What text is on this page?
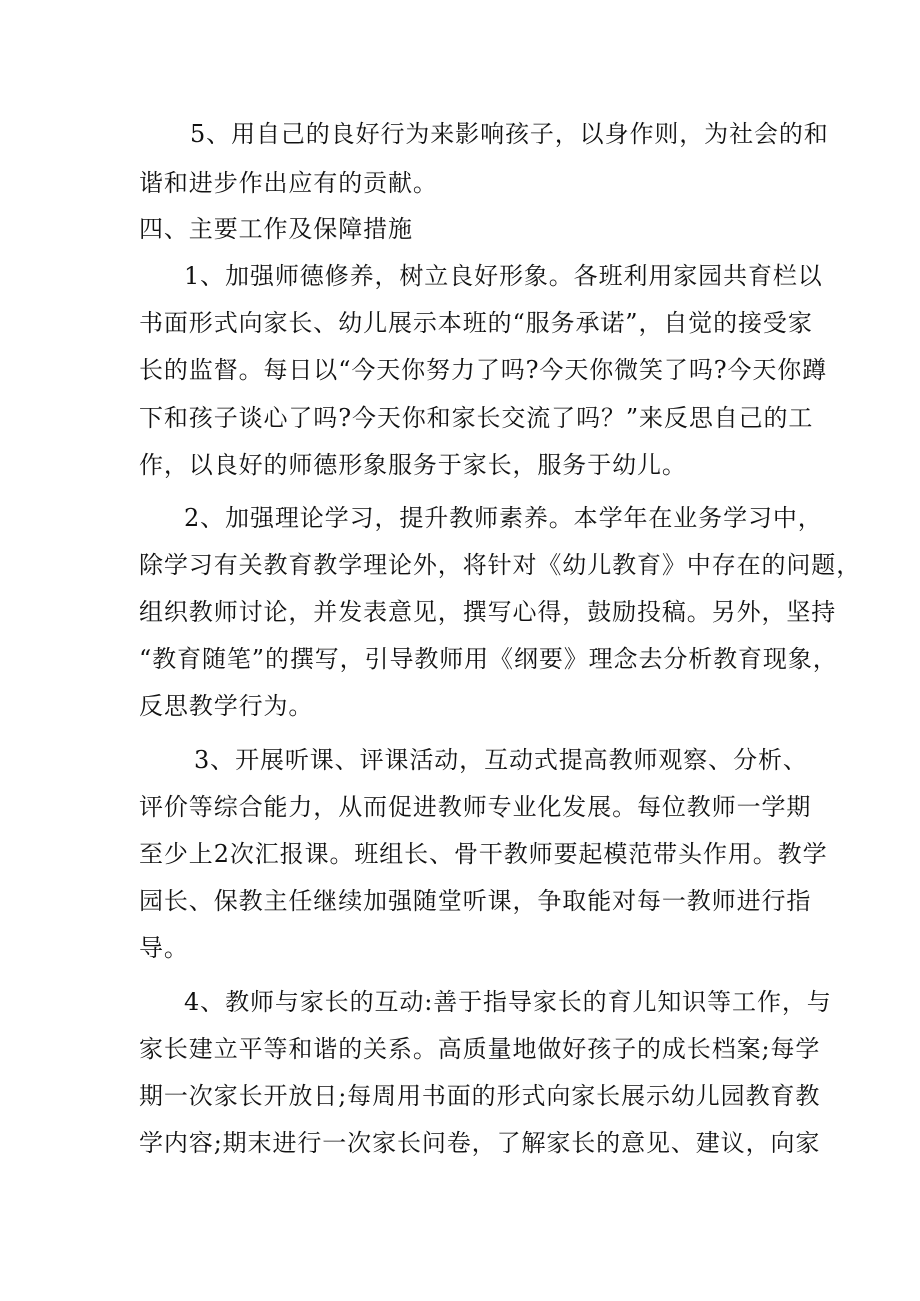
5、用自己的良好行为来影响孩子，以身作则，为社会的和
谐和进步作出应有的贡献。
四、主要工作及保障措施
1、加强师德修养，树立良好形象。各班利用家园共育栏以
书面形式向家长、幼儿展示本班的“服务承诺”，自觉的接受家
长的监督。每日以“今天你努力了吗?今天你微笑了吗?今天你蹲
下和孩子谈心了吗?今天你和家长交流了吗？”来反思自己的工
作，以良好的师德形象服务于家长，服务于幼儿。
2、加强理论学习，提升教师素养。本学年在业务学习中，
除学习有关教育教学理论外，将针对《幼儿教育》中存在的问题，
组织教师讨论，并发表意见，撰写心得，鼓励投稿。另外，坚持
“教育随笔”的撰写，引导教师用《纲要》理念去分析教育现象，
反思教学行为。
3、开展听课、评课活动，互动式提高教师观察、分析、
评价等综合能力，从而促进教师专业化发展。每位教师一学期
至少上2次汇报课。班组长、骨干教师要起模范带头作用。教学
园长、保教主任继续加强随堂听课，争取能对每一教师进行指
导。
4、教师与家长的互动:善于指导家长的育儿知识等工作，与
家长建立平等和谐的关系。高质量地做好孩子的成长档案;每学
期一次家长开放日;每周用书面的形式向家长展示幼儿园教育教
学内容;期末进行一次家长问卷，了解家长的意见、建议，向家
